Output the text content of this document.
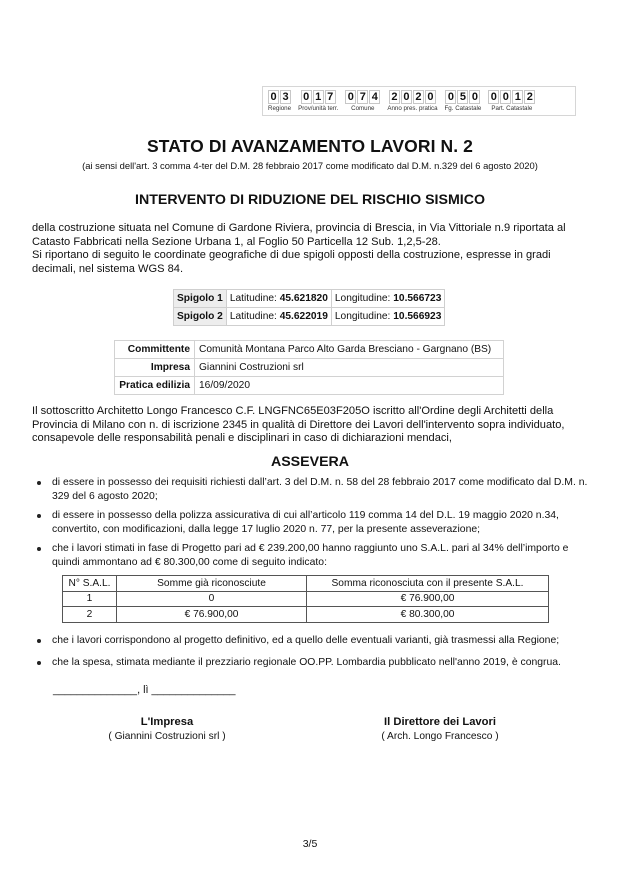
0 3
Regione
0 1 7
Prov/unità terr.
0 7 4
Comune
2 0 2 0
Anno pres. pratica
0 5 0
Fg. Catastale
0 0 1 2
Part. Catastale
STATO DI AVANZAMENTO LAVORI N. 2
(ai sensi dell'art. 3 comma 4-ter del D.M. 28 febbraio 2017 come modificato dal D.M. n.329 del 6 agosto 2020)
INTERVENTO DI RIDUZIONE DEL RISCHIO SISMICO
della costruzione situata nel Comune di Gardone Riviera, provincia di Brescia, in Via Vittoriale n.9 riportata al Catasto Fabbricati nella Sezione Urbana 1, al Foglio 50 Particella 12 Sub. 1,2,5-28.
Si riportano di seguito le coordinate geografiche di due spigoli opposti della costruzione, espresse in gradi decimali, nel sistema WGS 84.
Spigolo 1	Latitudine: 45.621820	Longitudine: 10.566723
Spigolo 2	Latitudine: 45.622019	Longitudine: 10.566923
Committente	Comunità Montana Parco Alto Garda Bresciano - Gargnano (BS)
Impresa	Giannini Costruzioni srl
Pratica edilizia	16/09/2020
Il sottoscritto Architetto Longo Francesco C.F. LNGFNC65E03F205O iscritto all'Ordine degli Architetti della Provincia di Milano con n. di iscrizione 2345 in qualità di Direttore dei Lavori dell'intervento sopra individuato, consapevole delle responsabilità penali e disciplinari in caso di dichiarazioni mendaci,
ASSEVERA
di essere in possesso dei requisiti richiesti dall’art. 3 del D.M. n. 58 del 28 febbraio 2017 come modificato dal D.M. n. 329 del 6 agosto 2020;
di essere in possesso della polizza assicurativa di cui all’articolo 119 comma 14 del D.L. 19 maggio 2020 n.34, convertito, con modificazioni, dalla legge 17 luglio 2020 n. 77, per la presente asseverazione;
che i lavori stimati in fase di Progetto pari ad € 239.200,00 hanno raggiunto uno S.A.L. pari al 34% dell’importo e quindi ammontano ad € 80.300,00 come di seguito indicato:
N° S.A.L.	Somme già riconosciute	Somma riconosciuta con il presente S.A.L.
1	0	€ 76.900,00
2	€ 76.900,00	€ 80.300,00
che i lavori corrispondono al progetto definitivo, ed a quello delle eventuali varianti, già trasmessi alla Regione;
che la spesa, stimata mediante il prezziario regionale OO.PP. Lombardia pubblicato nell'anno 2019, è congrua.
______________, lì ______________
L'Impresa
( Giannini Costruzioni srl )
Il Direttore dei Lavori
( Arch. Longo Francesco )
3/5
